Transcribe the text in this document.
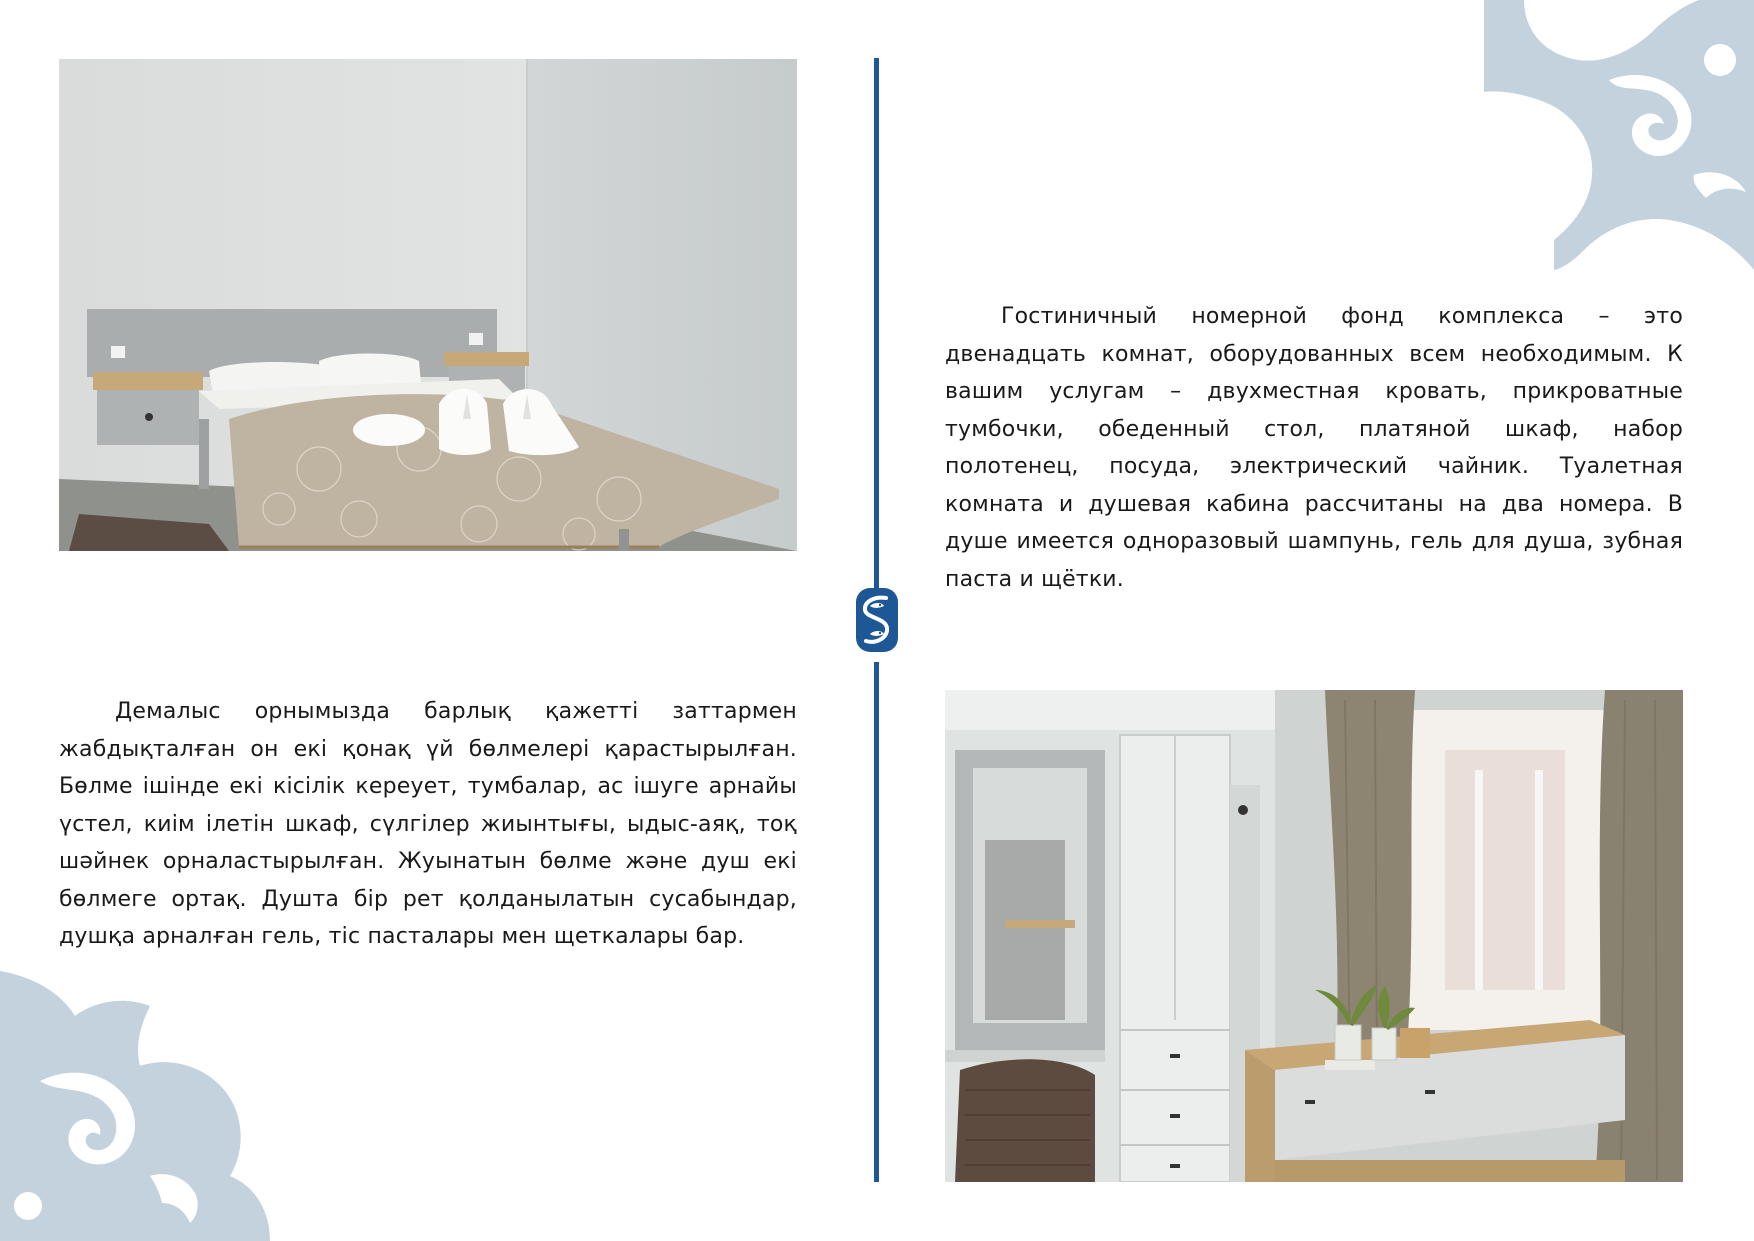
Гостиничный номерной фонд комплекса – это двенадцать комнат, оборудованных всем необходимым. К вашим услугам – двухместная кровать, прикроватные тумбочки, обеденный стол, платяной шкаф, набор полотенец, посуда, электрический чайник. Туалетная комната и душевая кабина рассчитаны на два номера. В душе имеется одноразовый шампунь, гель для душа, зубная паста и щётки.

Демалыс орнымызда барлық қажетті заттармен жабдықталған он екі қонақ үй бөлмелері қарастырылған. Бөлме ішінде екі кісілік кереует, тумбалар, ас ішуге арнайы үстел, киім ілетін шкаф, сүлгілер жиынтығы, ыдыс-аяқ, тоқ шәйнек орналастырылған. Жуынатын бөлме және душ екі бөлмеге ортақ. Душта бір рет қолданылатын сусабындар, душқа арналған гель, тіс пасталары мен щеткалары бар.
